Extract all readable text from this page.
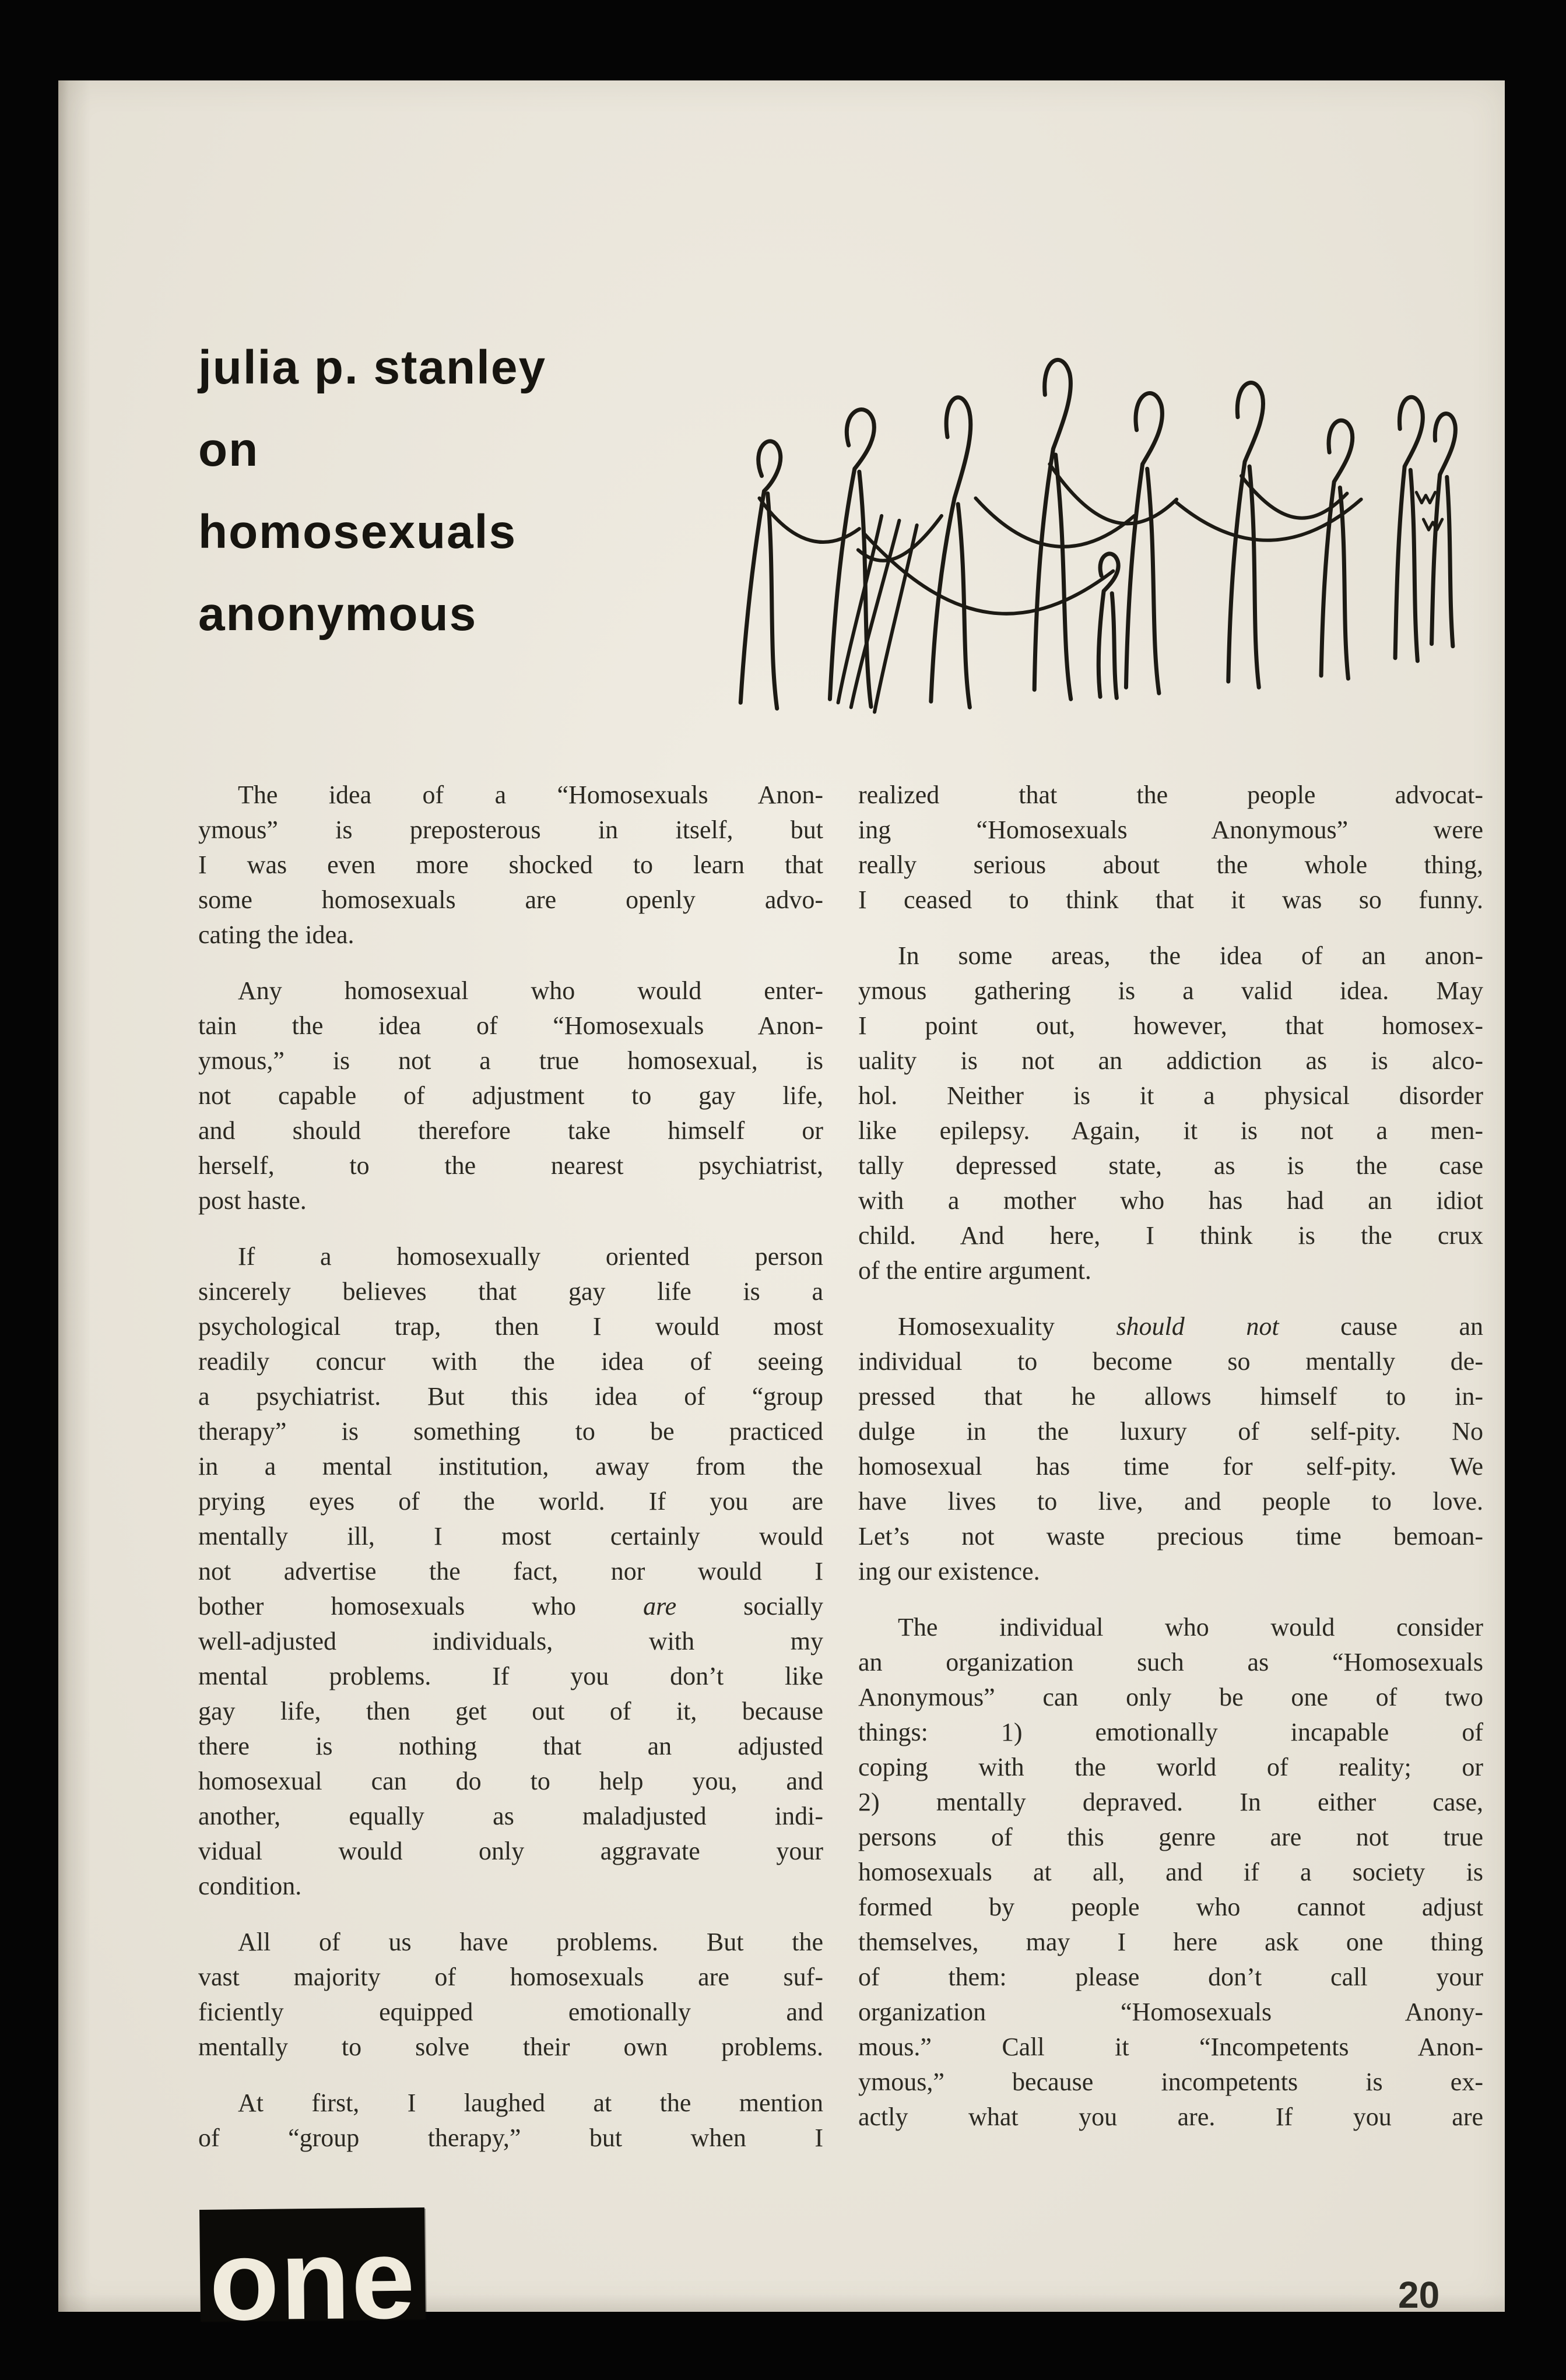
julia p. stanley
on
homosexuals
anonymous
The idea of a “Homosexuals Anon-
ymous” is preposterous in itself, but
I was even more shocked to learn that
some homosexuals are openly advo-
cating the idea.
Any homosexual who would enter-
tain the idea of “Homosexuals Anon-
ymous,” is not a true homosexual, is
not capable of adjustment to gay life,
and should therefore take himself or
herself, to the nearest psychiatrist,
post haste.
If a homosexually oriented person
sincerely believes that gay life is a
psychological trap, then I would most
readily concur with the idea of seeing
a psychiatrist. But this idea of “group
therapy” is something to be practiced
in a mental institution, away from the
prying eyes of the world. If you are
mentally ill, I most certainly would
not advertise the fact, nor would I
bother homosexuals who are socially
well-adjusted individuals, with my
mental problems. If you don’t like
gay life, then get out of it, because
there is nothing that an adjusted
homosexual can do to help you, and
another, equally as maladjusted indi-
vidual would only aggravate your
condition.
All of us have problems. But the
vast majority of homosexuals are suf-
ficiently equipped emotionally and
mentally to solve their own problems.
At first, I laughed at the mention
of “group therapy,” but when I
realized that the people advocat-
ing “Homosexuals Anonymous” were
really serious about the whole thing,
I ceased to think that it was so funny.
In some areas, the idea of an anon-
ymous gathering is a valid idea. May
I point out, however, that homosex-
uality is not an addiction as is alco-
hol. Neither is it a physical disorder
like epilepsy. Again, it is not a men-
tally depressed state, as is the case
with a mother who has had an idiot
child. And here, I think is the crux
of the entire argument.
Homosexuality should not cause an
individual to become so mentally de-
pressed that he allows himself to in-
dulge in the luxury of self-pity. No
homosexual has time for self-pity. We
have lives to live, and people to love.
Let’s not waste precious time bemoan-
ing our existence.
The individual who would consider
an organization such as “Homosexuals
Anonymous” can only be one of two
things: 1) emotionally incapable of
coping with the world of reality; or
2) mentally depraved. In either case,
persons of this genre are not true
homosexuals at all, and if a society is
formed by people who cannot adjust
themselves, may I here ask one thing
of them: please don’t call your
organization “Homosexuals Anony-
mous.” Call it “Incompetents Anon-
ymous,” because incompetents is ex-
actly what you are. If you are
one	20
